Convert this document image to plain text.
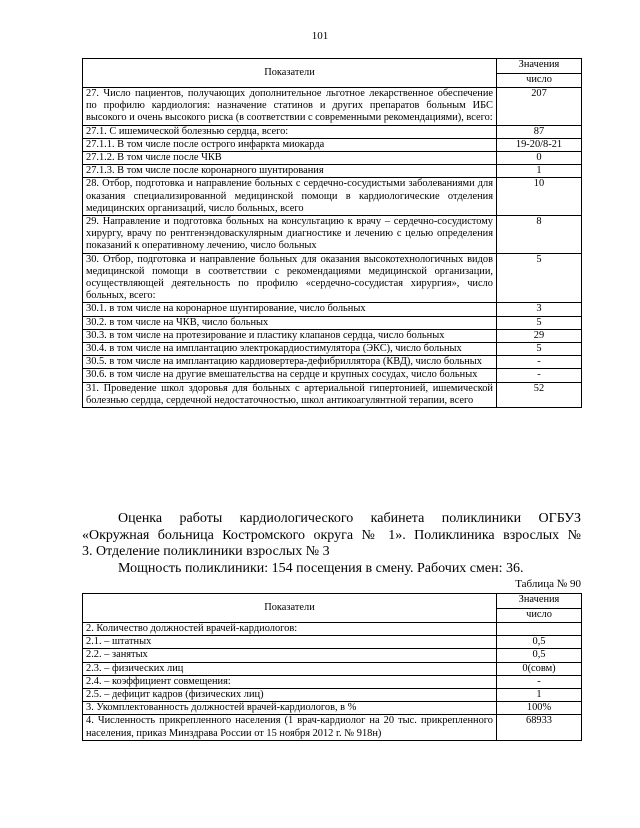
101
Показатели	Значения
	число
27. Число пациентов, получающих дополнительное льготное лекарственное обеспечение по профилю кардиология: назначение статинов и других препаратов больным ИБС высокого и очень высокого риска (в соответствии с современными рекомендациями), всего:	207
27.1. С ишемической болезнью сердца, всего:	87
27.1.1. В том числе после острого инфаркта миокарда	19-20/8-21
27.1.2. В том числе после ЧКВ	0
27.1.3. В том числе после коронарного шунтирования	1
28. Отбор, подготовка и направление больных с сердечно-сосудистыми заболеваниями для оказания специализированной медицинской помощи в кардиологические отделения медицинских организаций, число больных, всего	10
29. Направление и подготовка больных на консультацию к врачу – сердечно-сосудистому хирургу, врачу по рентгенэндоваскулярным диагностике и лечению с целью определения показаний к оперативному лечению, число больных	8
30. Отбор, подготовка и направление больных для оказания высокотехнологичных видов медицинской помощи в соответствии с рекомендациями медицинской организации, осуществляющей деятельность по профилю «сердечно-сосудистая хирургия», число больных, всего:	5
30.1. в том числе на коронарное шунтирование, число больных	3
30.2. в том числе на ЧКВ, число больных	5
30.3. в том числе на протезирование и пластику клапанов сердца, число больных	29
30.4. в том числе на имплантацию электрокардиостимулятора (ЭКС), число больных	5
30.5. в том числе на имплантацию кардиовертера-дефибриллятора (КВД), число больных	-
30.6. в том числе на другие вмешательства на сердце и крупных сосудах, число больных	-
31. Проведение школ здоровья для больных с артериальной гипертонией, ишемической болезнью сердца, сердечной недостаточностью, школ антикоагулянтной терапии, всего	52
Оценка работы кардиологического кабинета поликлиники ОГБУЗ «Окружная больница Костромского округа № 1». Поликлиника взрослых №
3. Отделение поликлиники взрослых № 3
Мощность поликлиники: 154 посещения в смену. Рабочих смен: 36.
Таблица № 90
Показатели	Значения
	число
2. Количество должностей врачей-кардиологов:	
2.1. – штатных	0,5
2.2. – занятых	0,5
2.3. – физических лиц	0(совм)
2.4. – коэффициент совмещения:	-
2.5. – дефицит кадров (физических лиц)	1
3. Укомплектованность должностей врачей-кардиологов, в %	100%
4. Численность прикрепленного населения (1 врач-кардиолог на 20 тыс. прикрепленного населения, приказ Минздрава России от 15 ноября 2012 г. № 918н)	68933
